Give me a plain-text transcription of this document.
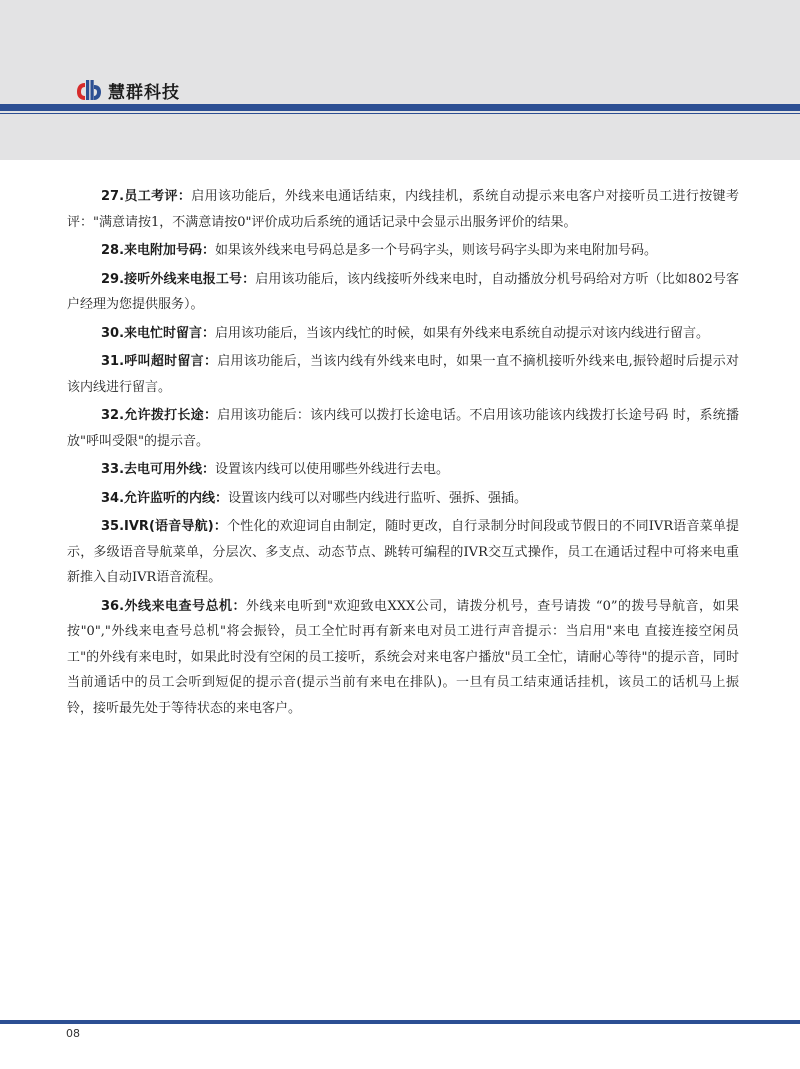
慧群科技

27.员工考评：启用该功能后，外线来电通话结束，内线挂机，系统自动提示来电客户对接听员工进行按键考评："满意请按1，不满意请按0"评价成功后系统的通话记录中会显示出服务评价的结果。

28.来电附加号码：如果该外线来电号码总是多一个号码字头，则该号码字头即为来电附加号码。

29.接听外线来电报工号：启用该功能后，该内线接听外线来电时，自动播放分机号码给对方听（比如802号客户经理为您提供服务）。

30.来电忙时留言：启用该功能后，当该内线忙的时候，如果有外线来电系统自动提示对该内线进行留言。

31.呼叫超时留言：启用该功能后，当该内线有外线来电时，如果一直不摘机接听外线来电,振铃超时后提示对该内线进行留言。

32.允许拨打长途：启用该功能后：该内线可以拨打长途电话。不启用该功能该内线拨打长途号码 时，系统播放"呼叫受限"的提示音。

33.去电可用外线：设置该内线可以使用哪些外线进行去电。

34.允许监听的内线：设置该内线可以对哪些内线进行监听、强拆、强插。

35.IVR(语音导航)：个性化的欢迎词自由制定，随时更改，自行录制分时间段或节假日的不同IVR语音菜单提示，多级语音导航菜单，分层次、多支点、动态节点、跳转可编程的IVR交互式操作，员工在通话过程中可将来电重新推入自动IVR语音流程。

36.外线来电查号总机：外线来电听到"欢迎致电XXX公司，请拨分机号，查号请拨 “0”的拨号导航音，如果按"0","外线来电查号总机"将会振铃，员工全忙时再有新来电对员工进行声音提示：当启用"来电 直接连接空闲员工"的外线有来电时，如果此时没有空闲的员工接听，系统会对来电客户播放"员工全忙，请耐心等待"的提示音，同时当前通话中的员工会听到短促的提示音(提示当前有来电在排队)。一旦有员工结束通话挂机，该员工的话机马上振铃，接听最先处于等待状态的来电客户。

08
